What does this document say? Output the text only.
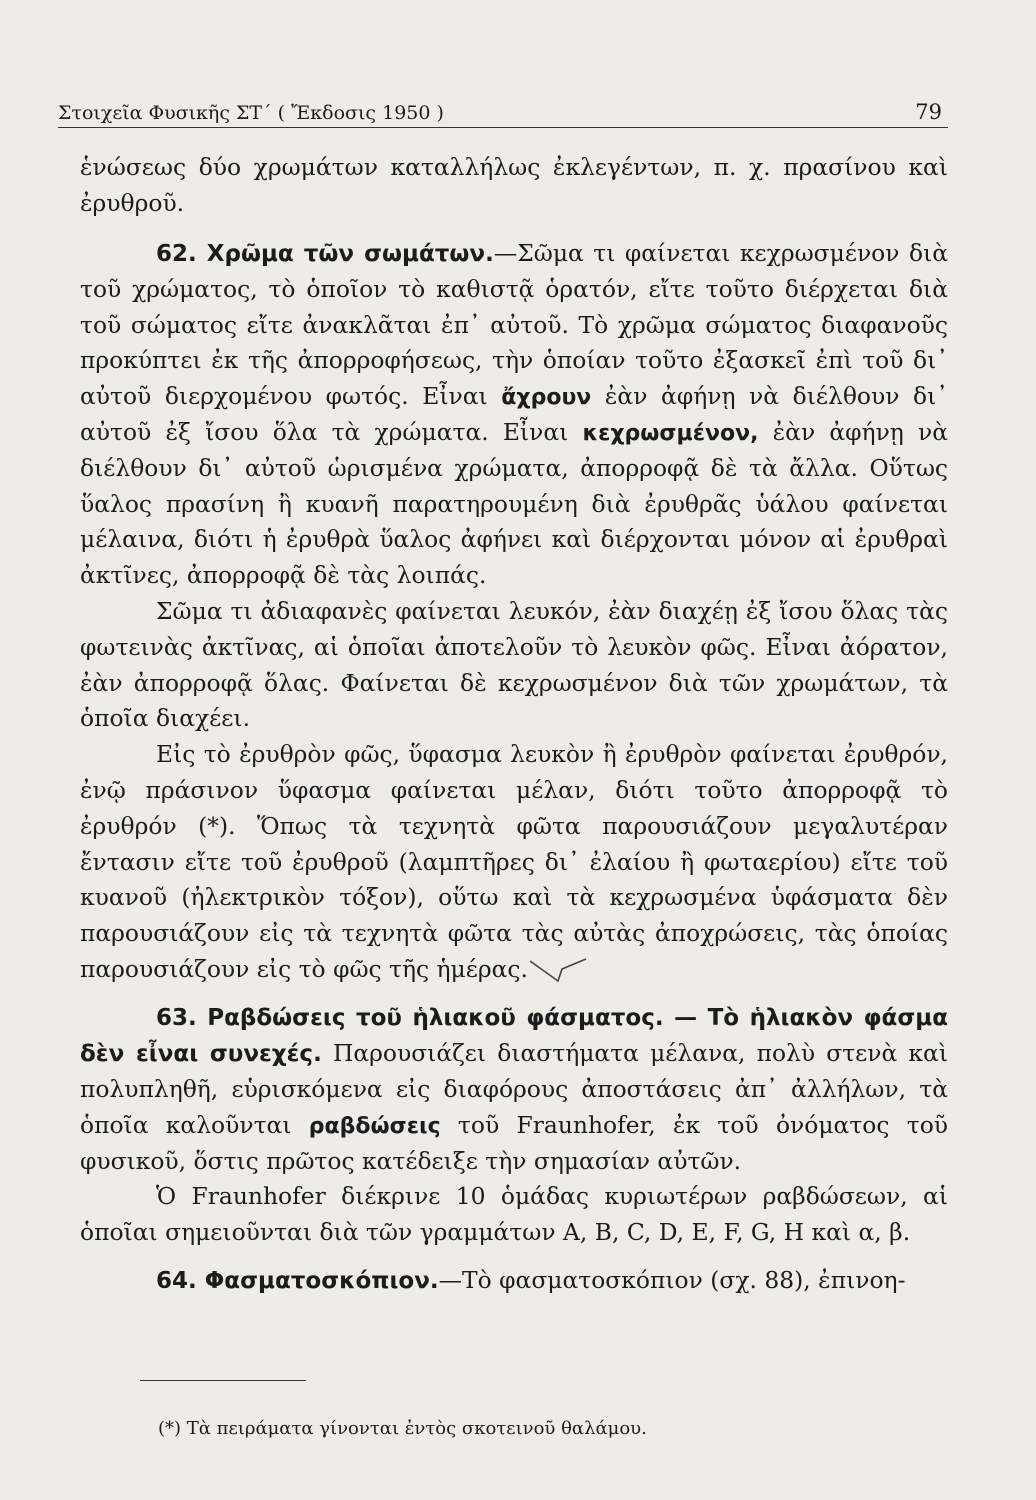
Στοιχεῖα Φυσικῆς ΣΤ΄ ( Ἔκδοσις 1950 )	79

ἑνώσεως δύο χρωμάτων καταλλήλως ἐκλεγέντων, π. χ. πρασίνου καὶ ἐρυθροῦ.

62. Χρῶμα τῶν σωμάτων.—Σῶμα τι φαίνεται κεχρωσμένον διὰ τοῦ χρώματος, τὸ ὁποῖον τὸ καθιστᾷ ὁρατόν, εἴτε τοῦτο διέρχεται διὰ τοῦ σώματος εἴτε ἀνακλᾶται ἐπ᾽ αὐτοῦ. Τὸ χρῶμα σώματος διαφανοῦς προκύπτει ἐκ τῆς ἀπορροφήσεως, τὴν ὁποίαν τοῦτο ἐξασκεῖ ἐπὶ τοῦ δι᾽ αὐτοῦ διερχομένου φωτός. Εἶναι ἄχρουν ἐὰν ἀφήνῃ νὰ διέλθουν δι᾽ αὐτοῦ ἐξ ἴσου ὅλα τὰ χρώματα. Εἶναι κεχρωσμένον, ἐὰν ἀφήνῃ νὰ διέλθουν δι᾽ αὐτοῦ ὡρισμένα χρώματα, ἀπορροφᾷ δὲ τὰ ἄλλα. Οὕτως ὕαλος πρασίνη ἢ κυανῆ παρατηρουμένη διὰ ἐρυθρᾶς ὑάλου φαίνεται μέλαινα, διότι ἡ ἐρυθρὰ ὕαλος ἀφήνει καὶ διέρχονται μόνον αἱ ἐρυθραὶ ἀκτῖνες, ἀπορροφᾷ δὲ τὰς λοιπάς.

Σῶμα τι ἀδιαφανὲς φαίνεται λευκόν, ἐὰν διαχέῃ ἐξ ἴσου ὅλας τὰς φωτεινὰς ἀκτῖνας, αἱ ὁποῖαι ἀποτελοῦν τὸ λευκὸν φῶς. Εἶναι ἀόρατον, ἐὰν ἀπορροφᾷ ὅλας. Φαίνεται δὲ κεχρωσμένον διὰ τῶν χρωμάτων, τὰ ὁποῖα διαχέει.

Εἰς τὸ ἐρυθρὸν φῶς, ὕφασμα λευκὸν ἢ ἐρυθρὸν φαίνεται ἐρυθρόν, ἐνῷ πράσινον ὕφασμα φαίνεται μέλαν, διότι τοῦτο ἀπορροφᾷ τὸ ἐρυθρόν (*). Ὅπως τὰ τεχνητὰ φῶτα παρουσιάζουν μεγαλυτέραν ἔντασιν εἴτε τοῦ ἐρυθροῦ (λαμπτῆρες δι᾽ ἐλαίου ἢ φωταερίου) εἴτε τοῦ κυανοῦ (ἠλεκτρικὸν τόξον), οὕτω καὶ τὰ κεχρωσμένα ὑφάσματα δὲν παρουσιάζουν εἰς τὰ τεχνητὰ φῶτα τὰς αὐτὰς ἀποχρώσεις, τὰς ὁποίας παρουσιάζουν εἰς τὸ φῶς τῆς ἡμέρας.

63. Ραβδώσεις τοῦ ἡλιακοῦ φάσματος. — Τὸ ἡλιακὸν φάσμα δὲν εἶναι συνεχές. Παρουσιάζει διαστήματα μέλανα, πολὺ στενὰ καὶ πολυπληθῆ, εὑρισκόμενα εἰς διαφόρους ἀποστάσεις ἀπ᾽ ἀλλήλων, τὰ ὁποῖα καλοῦνται ραβδώσεις τοῦ Fraunhofer, ἐκ τοῦ ὀνόματος τοῦ φυσικοῦ, ὅστις πρῶτος κατέδειξε τὴν σημασίαν αὐτῶν.

Ὁ Fraunhofer διέκρινε 10 ὁμάδας κυριωτέρων ραβδώσεων, αἱ ὁποῖαι σημειοῦνται διὰ τῶν γραμμάτων A, B, C, D, E, F, G, H καὶ α, β.

64. Φασματοσκόπιον.—Τὸ φασματοσκόπιον (σχ. 88), ἐπινοη-

(*) Τὰ πειράματα γίνονται ἐντὸς σκοτεινοῦ θαλάμου.
